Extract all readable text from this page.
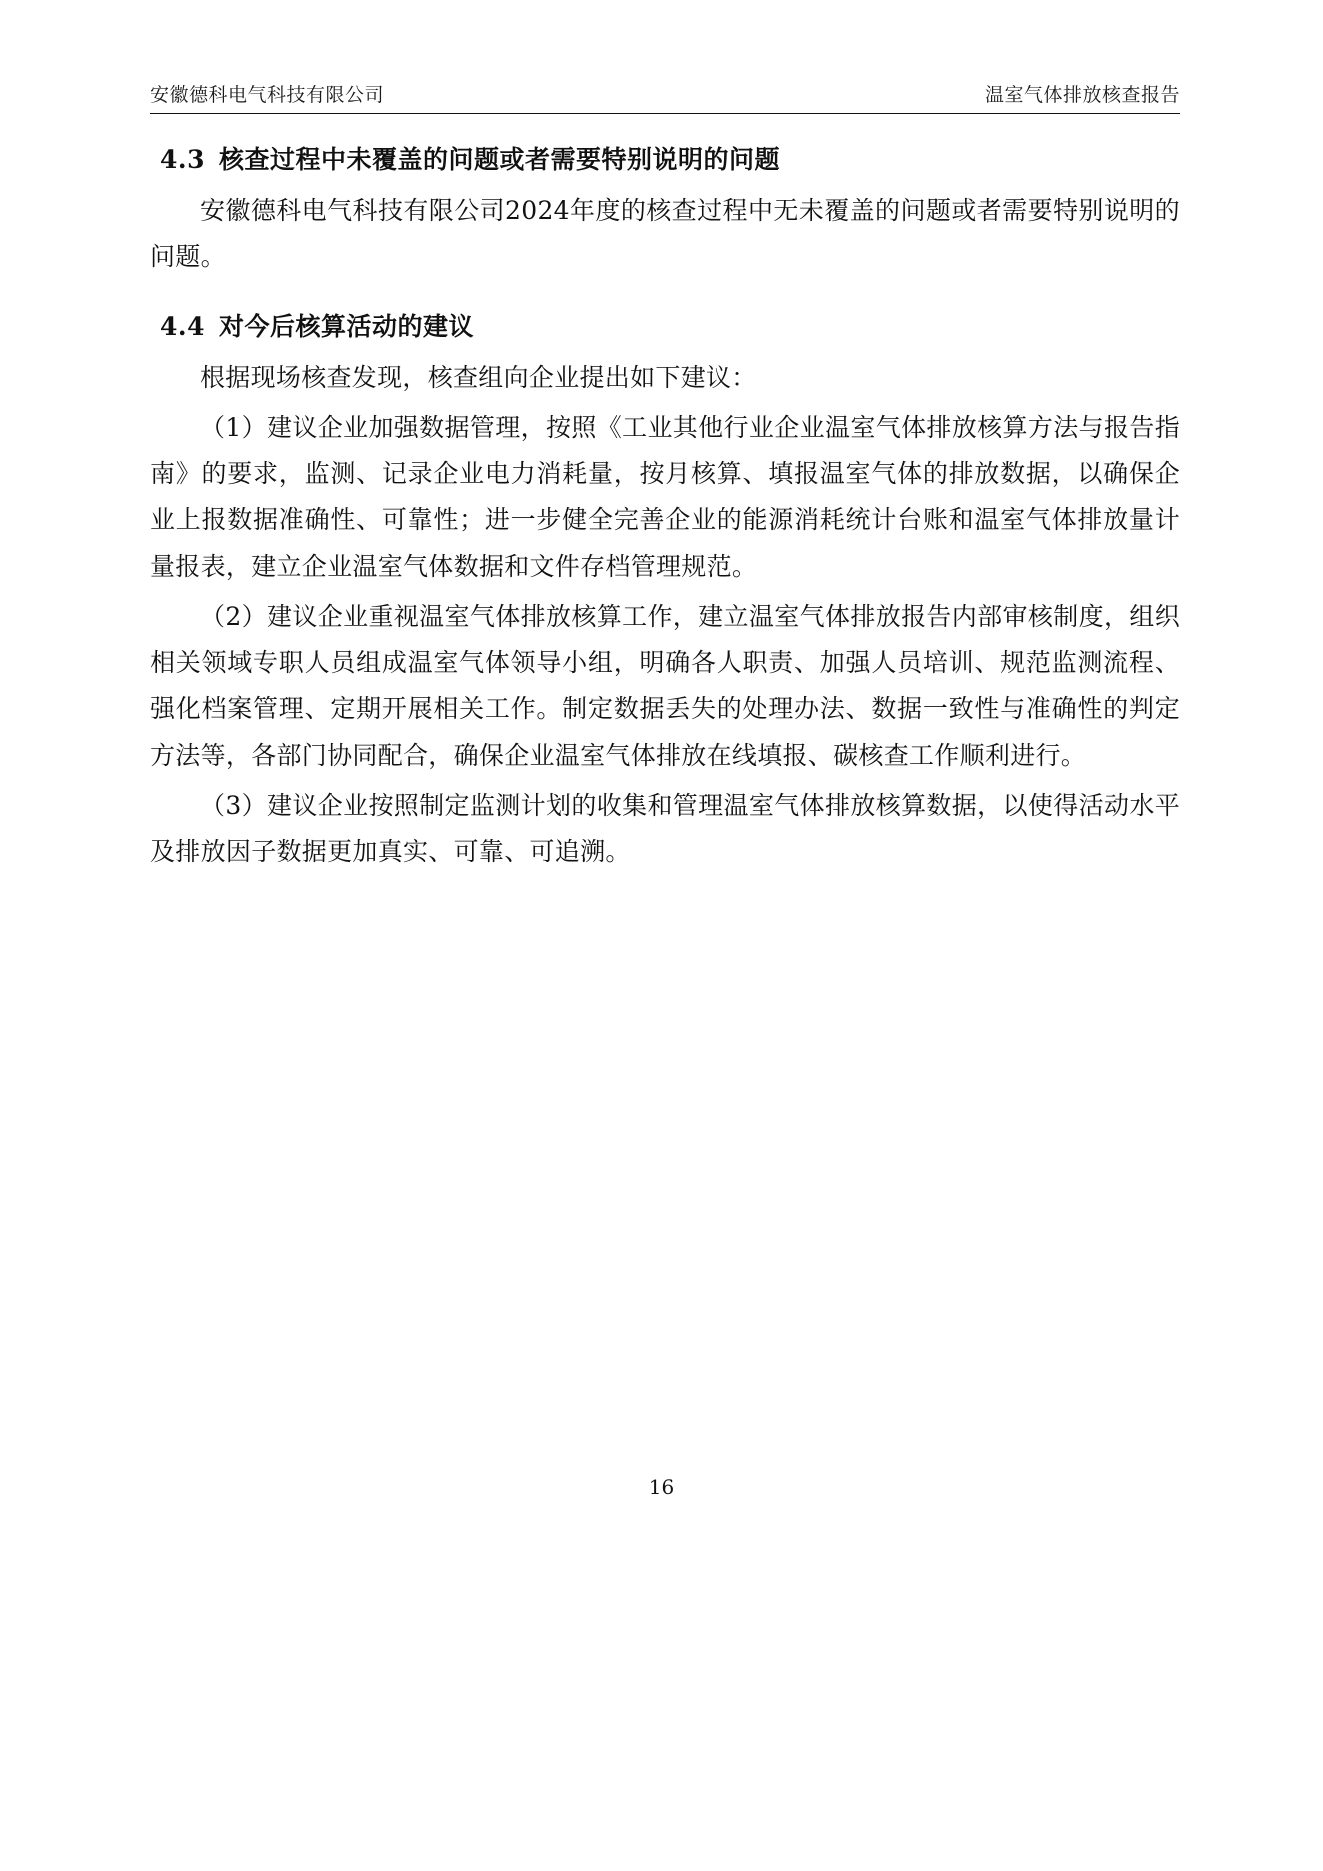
安徽德科电气科技有限公司	温室气体排放核查报告
4.3 核查过程中未覆盖的问题或者需要特别说明的问题

安徽德科电气科技有限公司2024年度的核查过程中无未覆盖的问题或者需要特别说明的问题。

4.4 对今后核算活动的建议

根据现场核查发现，核查组向企业提出如下建议：

（1）建议企业加强数据管理，按照《工业其他行业企业温室气体排放核算方法与报告指南》的要求，监测、记录企业电力消耗量，按月核算、填报温室气体的排放数据，以确保企业上报数据准确性、可靠性；进一步健全完善企业的能源消耗统计台账和温室气体排放量计量报表，建立企业温室气体数据和文件存档管理规范。

（2）建议企业重视温室气体排放核算工作，建立温室气体排放报告内部审核制度，组织相关领域专职人员组成温室气体领导小组，明确各人职责、加强人员培训、规范监测流程、强化档案管理、定期开展相关工作。制定数据丢失的处理办法、数据一致性与准确性的判定方法等，各部门协同配合，确保企业温室气体排放在线填报、碳核查工作顺利进行。

（3）建议企业按照制定监测计划的收集和管理温室气体排放核算数据，以使得活动水平及排放因子数据更加真实、可靠、可追溯。

16
